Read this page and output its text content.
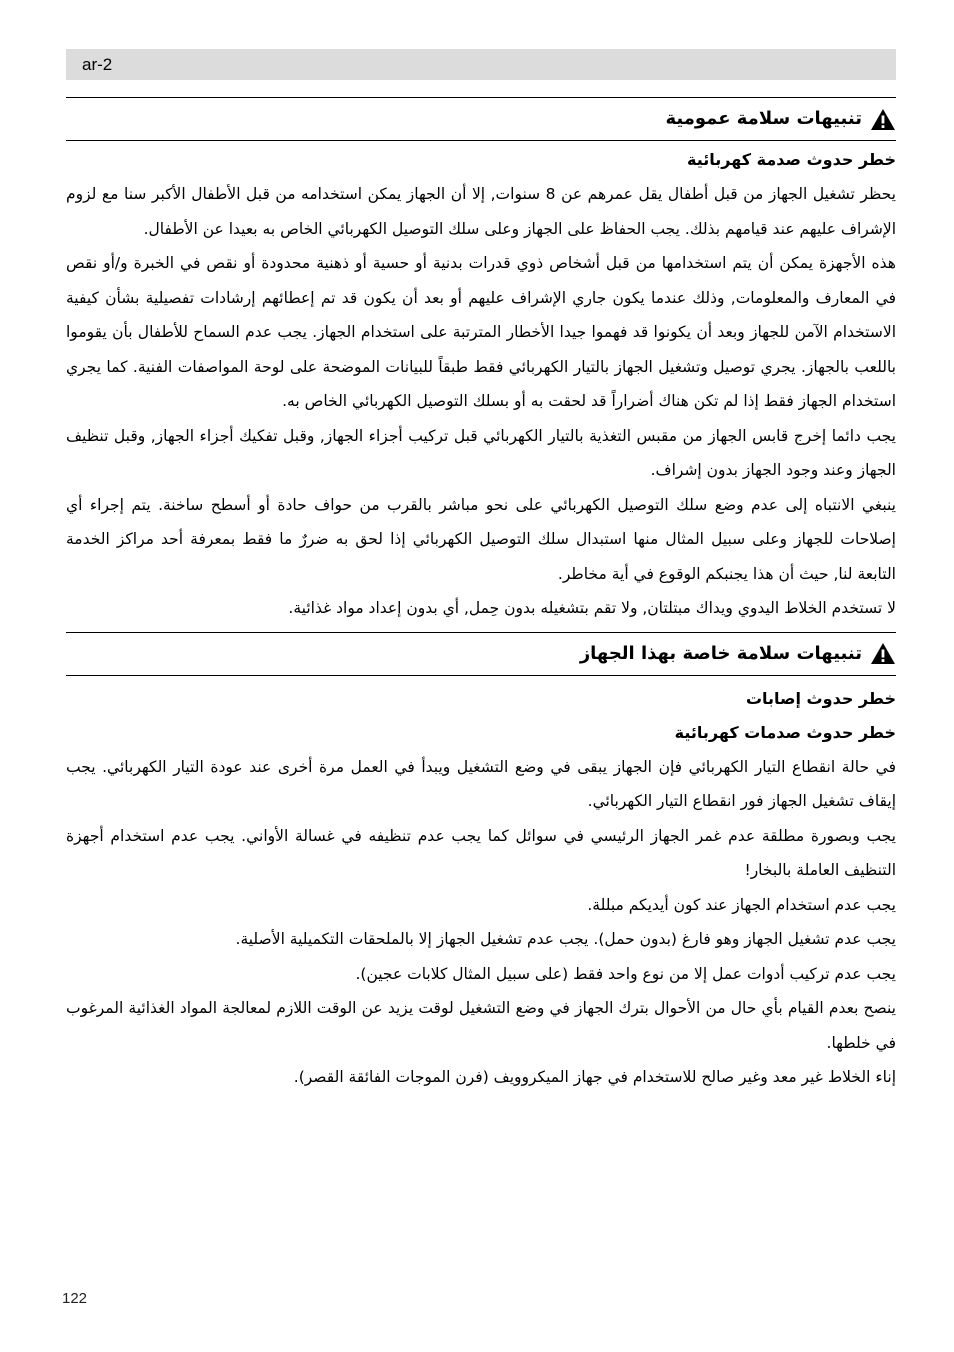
ar-2
تنبيهات سلامة عمومية
خطر حدوث صدمة كهربائية

يحظر تشغيل الجهاز من قبل أطفال يقل عمرهم عن 8 سنوات, إلا أن الجهاز يمكن استخدامه من قبل الأطفال الأكبر سنا مع لزوم الإشراف عليهم عند قيامهم بذلك. يجب الحفاظ على الجهاز وعلى سلك التوصيل الكهربائي الخاص به بعيدا عن الأطفال.

هذه الأجهزة يمكن أن يتم استخدامها من قبل أشخاص ذوي قدرات بدنية أو حسية أو ذهنية محدودة أو نقص في الخبرة و/أو نقص في المعارف والمعلومات, وذلك عندما يكون جاري الإشراف عليهم أو بعد أن يكون قد تم إعطائهم إرشادات تفصيلية بشأن كيفية الاستخدام الآمن للجهاز وبعد أن يكونوا قد فهموا جيدا الأخطار المترتبة على استخدام الجهاز. يجب عدم السماح للأطفال بأن يقوموا باللعب بالجهاز. يجري توصيل وتشغيل الجهاز بالتيار الكهربائي فقط طبقاً للبيانات الموضحة على لوحة المواصفات الفنية. كما يجري استخدام الجهاز فقط إذا لم تكن هناك أضراراً قد لحقت به أو بسلك التوصيل الكهربائي الخاص به.

يجب دائما إخرج قابس الجهاز من مقبس التغذية بالتيار الكهربائي قبل تركيب أجزاء الجهاز, وقبل تفكيك أجزاء الجهاز, وقبل تنظيف الجهاز وعند وجود الجهاز بدون إشراف.

ينبغي الانتباه إلى عدم وضع سلك التوصيل الكهربائي على نحو مباشر بالقرب من حواف حادة أو أسطح ساخنة. يتم إجراء أي إصلاحات للجهاز وعلى سبيل المثال منها استبدال سلك التوصيل الكهربائي إذا لحق به ضررٌ ما فقط بمعرفة أحد مراكز الخدمة التابعة لنا, حيث أن هذا يجنبكم الوقوع في أية مخاطر.

لا تستخدم الخلاط اليدوي ويداك مبتلتان, ولا تقم بتشغيله بدون حِمل, أي بدون إعداد مواد غذائية.

تنبيهات سلامة خاصة بهذا الجهاز
خطر حدوث إصابات
خطر حدوث صدمات كهربائية

في حالة انقطاع التيار الكهربائي فإن الجهاز يبقى في وضع التشغيل ويبدأ في العمل مرة أخرى عند عودة التيار الكهربائي. يجب إيقاف تشغيل الجهاز فور انقطاع التيار الكهربائي.

يجب وبصورة مطلقة عدم غمر الجهاز الرئيسي في سوائل كما يجب عدم تنظيفه في غسالة الأواني. يجب عدم استخدام أجهزة التنظيف العاملة بالبخار!

يجب عدم استخدام الجهاز عند كون أيديكم مبللة.

يجب عدم تشغيل الجهاز وهو فارغ (بدون حمل). يجب عدم تشغيل الجهاز إلا بالملحقات التكميلية الأصلية.

يجب عدم تركيب أدوات عمل إلا من نوع واحد فقط (على سبيل المثال كلابات عجين).

ينصح بعدم القيام بأي حال من الأحوال بترك الجهاز في وضع التشغيل لوقت يزيد عن الوقت اللازم لمعالجة المواد الغذائية المرغوب في خلطها.

إناء الخلاط غير معد وغير صالح للاستخدام في جهاز الميكروويف (فرن الموجات الفائقة القصر).

122
